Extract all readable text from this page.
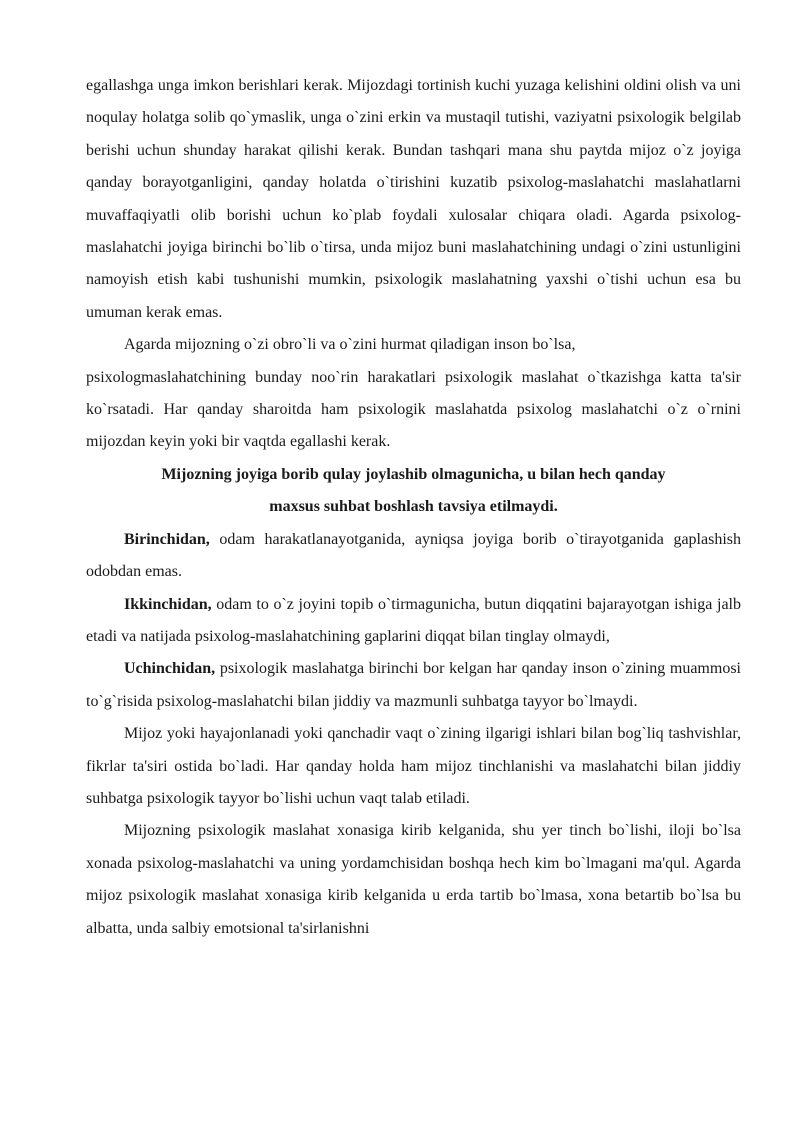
egallashga unga imkon berishlari kerak. Mijozdagi tortinish kuchi yuzaga kelishini oldini olish va uni noqulay holatga solib qo`ymaslik, unga o`zini erkin va mustaqil tutishi, vaziyatni psixologik belgilab berishi uchun shunday harakat qilishi kerak. Bundan tashqari mana shu paytda mijoz o`z joyiga qanday borayotganligini, qanday holatda o`tirishini kuzatib psixolog-maslahatchi maslahatlarni muvaffaqiyatli olib borishi uchun ko`plab foydali xulosalar chiqara oladi. Agarda psixolog-maslahatchi joyiga birinchi bo`lib o`tirsa, unda mijoz buni maslahatchining undagi o`zini ustunligini namoyish etish kabi tushunishi mumkin, psixologik maslahatning yaxshi o`tishi uchun esa bu umuman kerak emas.

Agarda mijozning o`zi obro`li va o`zini hurmat qiladigan inson bo`lsa,

psixologmaslahatchining bunday noo`rin harakatlari psixologik maslahat o`tkazishga katta ta'sir ko`rsatadi. Har qanday sharoitda ham psixologik maslahatda psixolog maslahatchi o`z o`rnini mijozdan keyin yoki bir vaqtda egallashi kerak.

Mijozning joyiga borib qulay joylashib olmagunicha, u bilan hech qanday

maxsus suhbat boshlash tavsiya etilmaydi.

Birinchidan, odam harakatlanayotganida, ayniqsa joyiga borib o`tirayotganida gaplashish odobdan emas.

Ikkinchidan, odam to o`z joyini topib o`tirmagunicha, butun diqqatini bajarayotgan ishiga jalb etadi va natijada psixolog-maslahatchining gaplarini diqqat bilan tinglay olmaydi,

Uchinchidan, psixologik maslahatga birinchi bor kelgan har qanday inson o`zining muammosi to`g`risida psixolog-maslahatchi bilan jiddiy va mazmunli suhbatga tayyor bo`lmaydi.

Mijoz yoki hayajonlanadi yoki qanchadir vaqt o`zining ilgarigi ishlari bilan bog`liq tashvishlar, fikrlar ta'siri ostida bo`ladi. Har qanday holda ham mijoz tinchlanishi va maslahatchi bilan jiddiy suhbatga psixologik tayyor bo`lishi uchun vaqt talab etiladi.

Mijozning psixologik maslahat xonasiga kirib kelganida, shu yer tinch bo`lishi, iloji bo`lsa xonada psixolog-maslahatchi va uning yordamchisidan boshqa hech kim bo`lmagani ma'qul. Agarda mijoz psixologik maslahat xonasiga kirib kelganida u erda tartib bo`lmasa, xona betartib bo`lsa bu albatta, unda salbiy emotsional ta'sirlanishni
